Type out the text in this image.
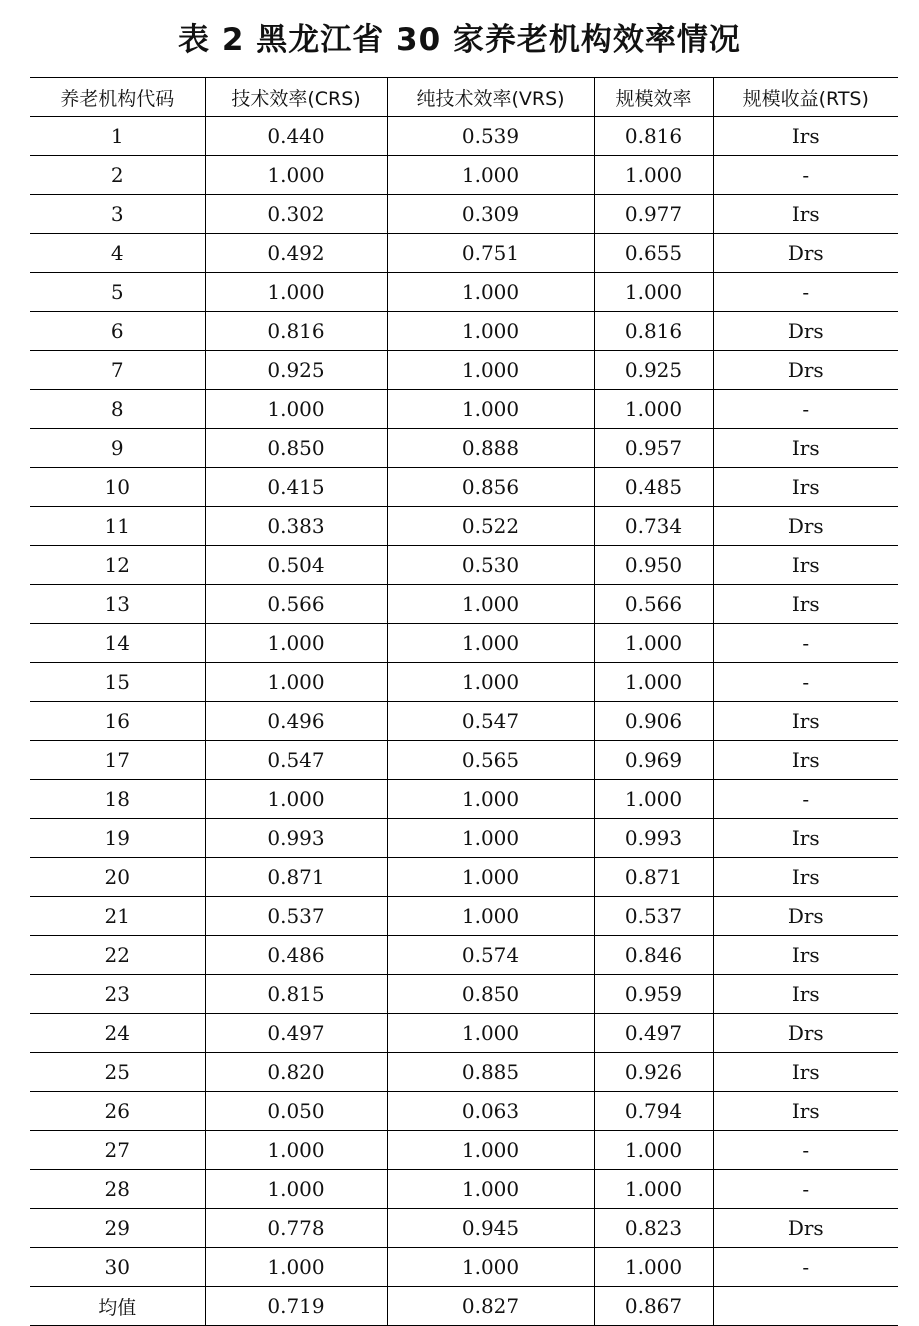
表 2 黑龙江省 30 家养老机构效率情况
养老机构代码	技术效率(CRS)	纯技术效率(VRS)	规模效率	规模收益(RTS)
1	0.440	0.539	0.816	Irs
2	1.000	1.000	1.000	-
3	0.302	0.309	0.977	Irs
4	0.492	0.751	0.655	Drs
5	1.000	1.000	1.000	-
6	0.816	1.000	0.816	Drs
7	0.925	1.000	0.925	Drs
8	1.000	1.000	1.000	-
9	0.850	0.888	0.957	Irs
10	0.415	0.856	0.485	Irs
11	0.383	0.522	0.734	Drs
12	0.504	0.530	0.950	Irs
13	0.566	1.000	0.566	Irs
14	1.000	1.000	1.000	-
15	1.000	1.000	1.000	-
16	0.496	0.547	0.906	Irs
17	0.547	0.565	0.969	Irs
18	1.000	1.000	1.000	-
19	0.993	1.000	0.993	Irs
20	0.871	1.000	0.871	Irs
21	0.537	1.000	0.537	Drs
22	0.486	0.574	0.846	Irs
23	0.815	0.850	0.959	Irs
24	0.497	1.000	0.497	Drs
25	0.820	0.885	0.926	Irs
26	0.050	0.063	0.794	Irs
27	1.000	1.000	1.000	-
28	1.000	1.000	1.000	-
29	0.778	0.945	0.823	Drs
30	1.000	1.000	1.000	-
均值	0.719	0.827	0.867	
